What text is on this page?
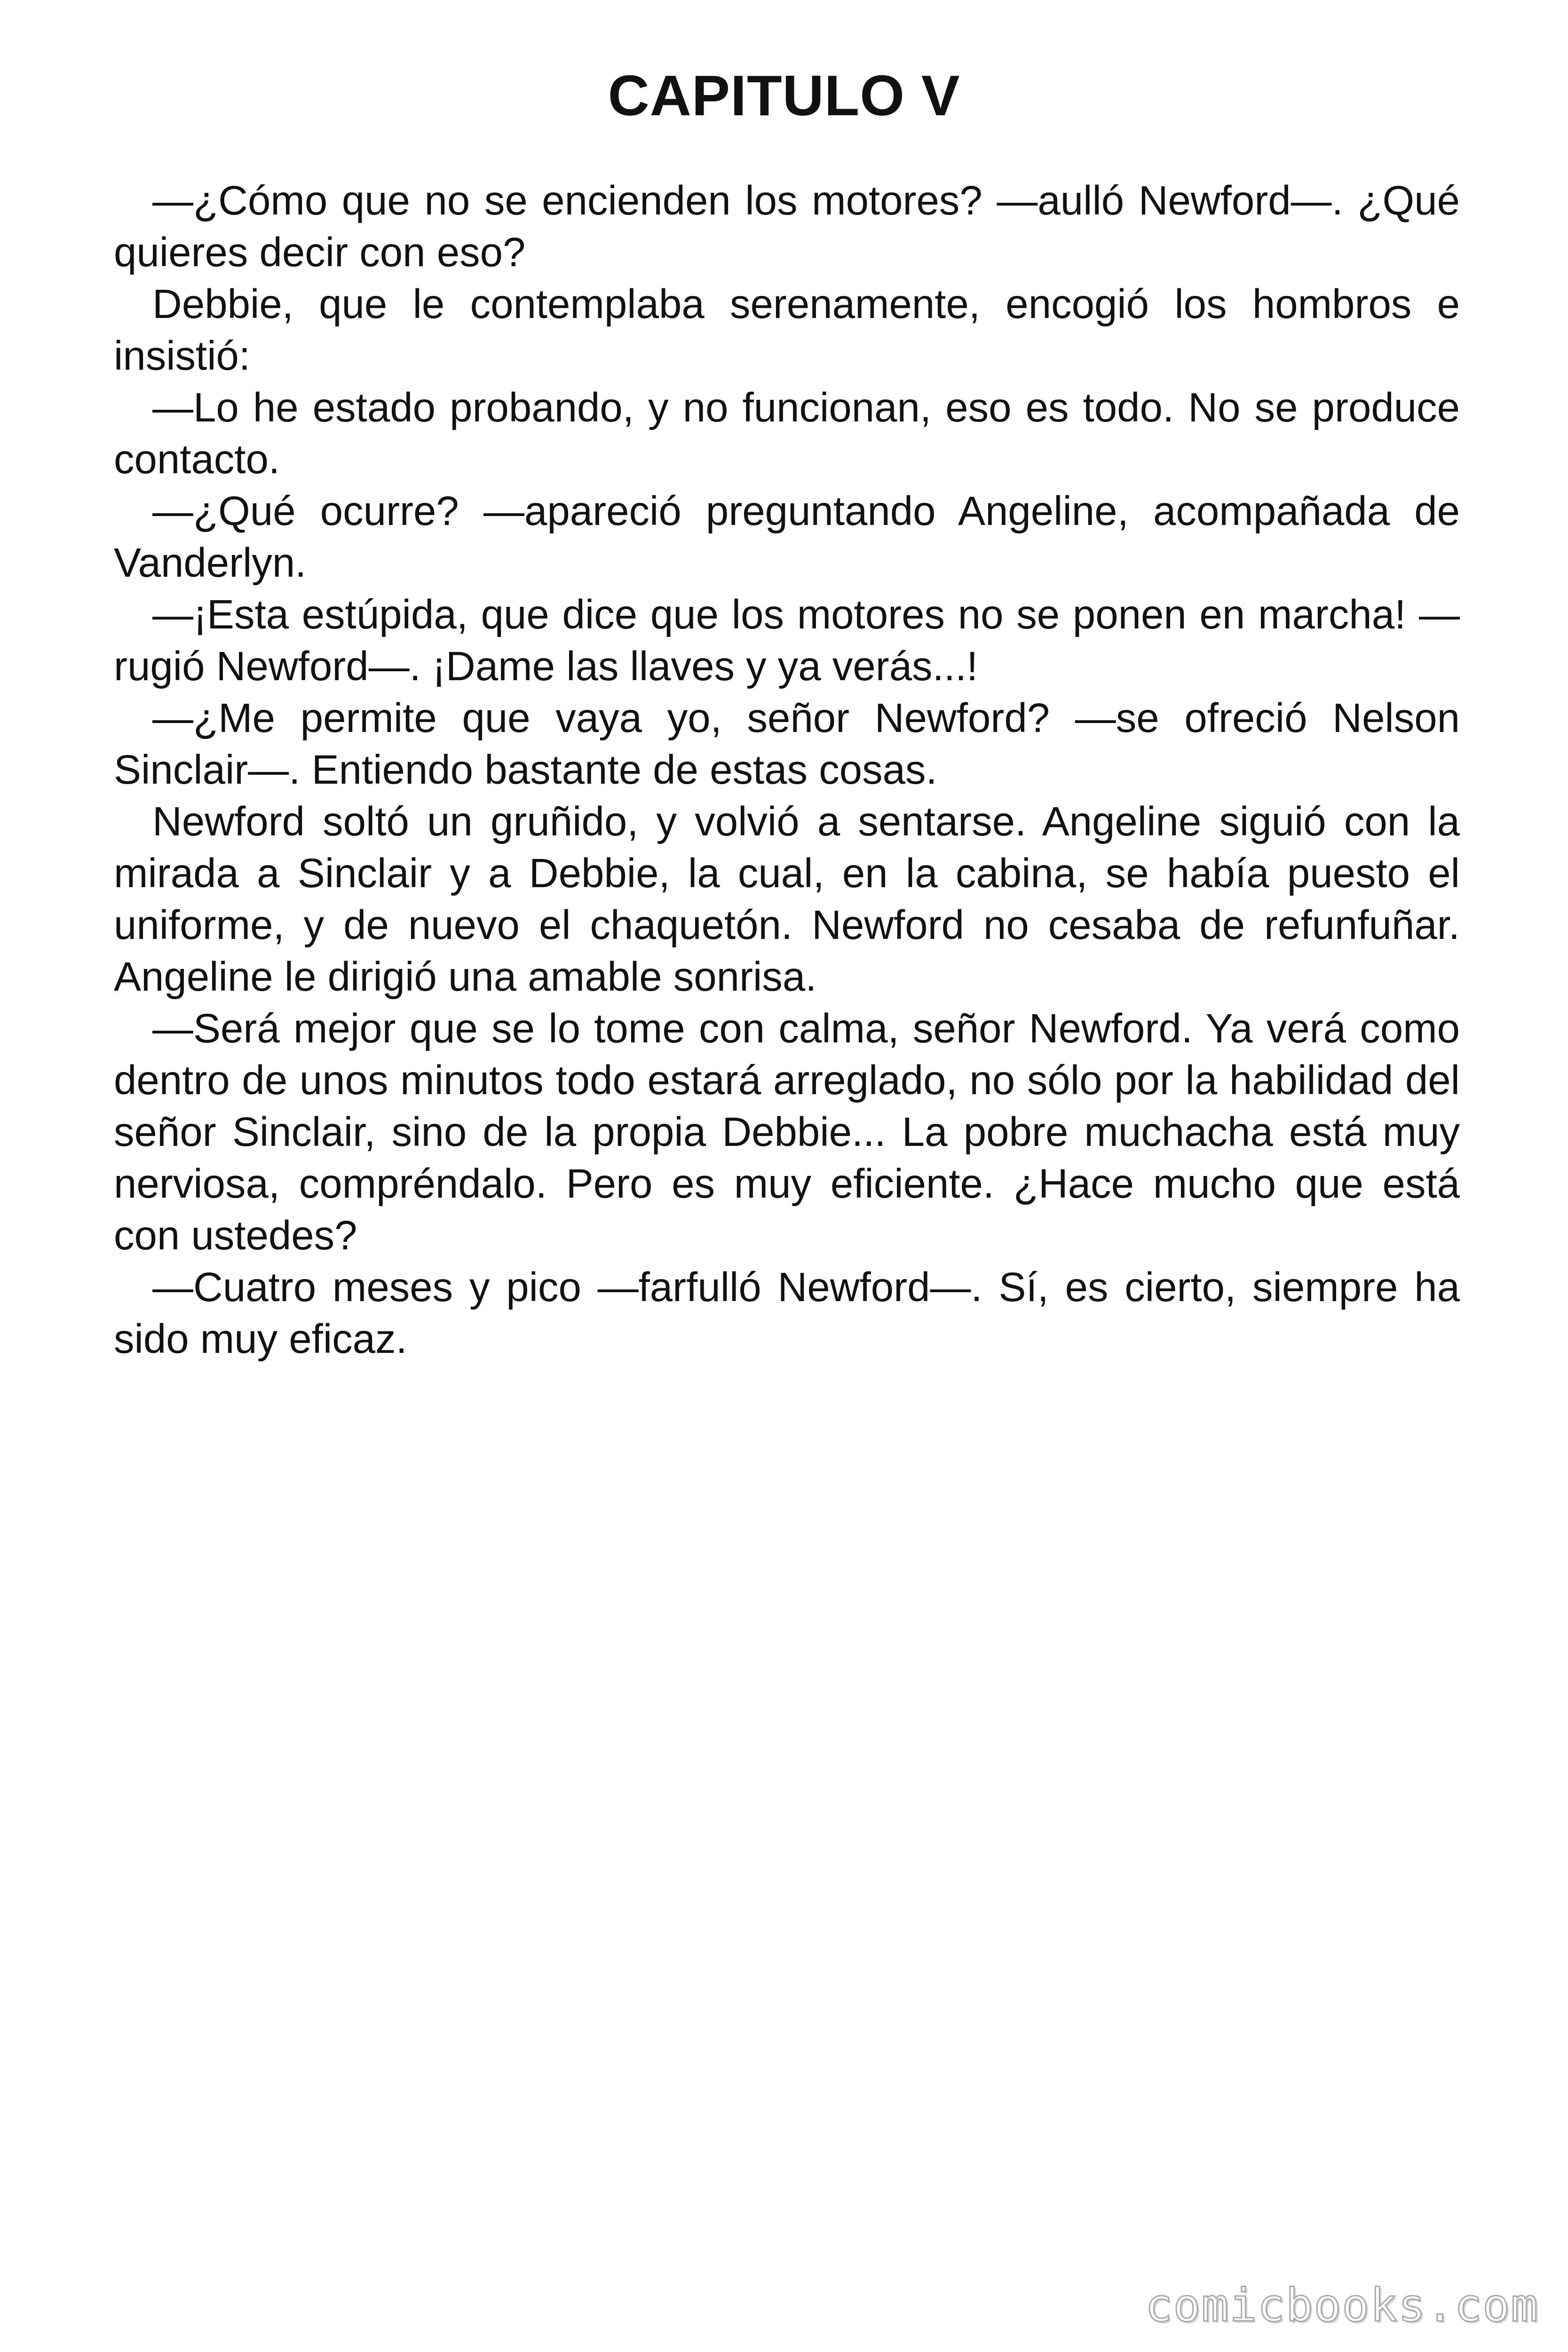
CAPITULO V

—¿Cómo que no se encienden los motores? —aulló Newford—. ¿Qué quieres decir con eso?

Debbie, que le contemplaba serenamente, encogió los hombros e insistió:

—Lo he estado probando, y no funcionan, eso es todo. No se produce contacto.

—¿Qué ocurre? —apareció preguntando Angeline, acompañada de Vanderlyn.

—¡Esta estúpida, que dice que los motores no se ponen en marcha! —rugió Newford—. ¡Dame las llaves y ya verás...!

—¿Me permite que vaya yo, señor Newford? —se ofreció Nelson Sinclair—. Entiendo bastante de estas cosas.

Newford soltó un gruñido, y volvió a sentarse. Angeline siguió con la mirada a Sinclair y a Debbie, la cual, en la cabina, se había puesto el uniforme, y de nuevo el chaquetón. Newford no cesaba de refunfuñar. Angeline le dirigió una amable sonrisa.

—Será mejor que se lo tome con calma, señor Newford. Ya verá como dentro de unos minutos todo estará arreglado, no sólo por la habilidad del señor Sinclair, sino de la propia Debbie... La pobre muchacha está muy nerviosa, compréndalo. Pero es muy eficiente. ¿Hace mucho que está con ustedes?

—Cuatro meses y pico —farfulló Newford—. Sí, es cierto, siempre ha sido muy eficaz.

comicbooks.com
